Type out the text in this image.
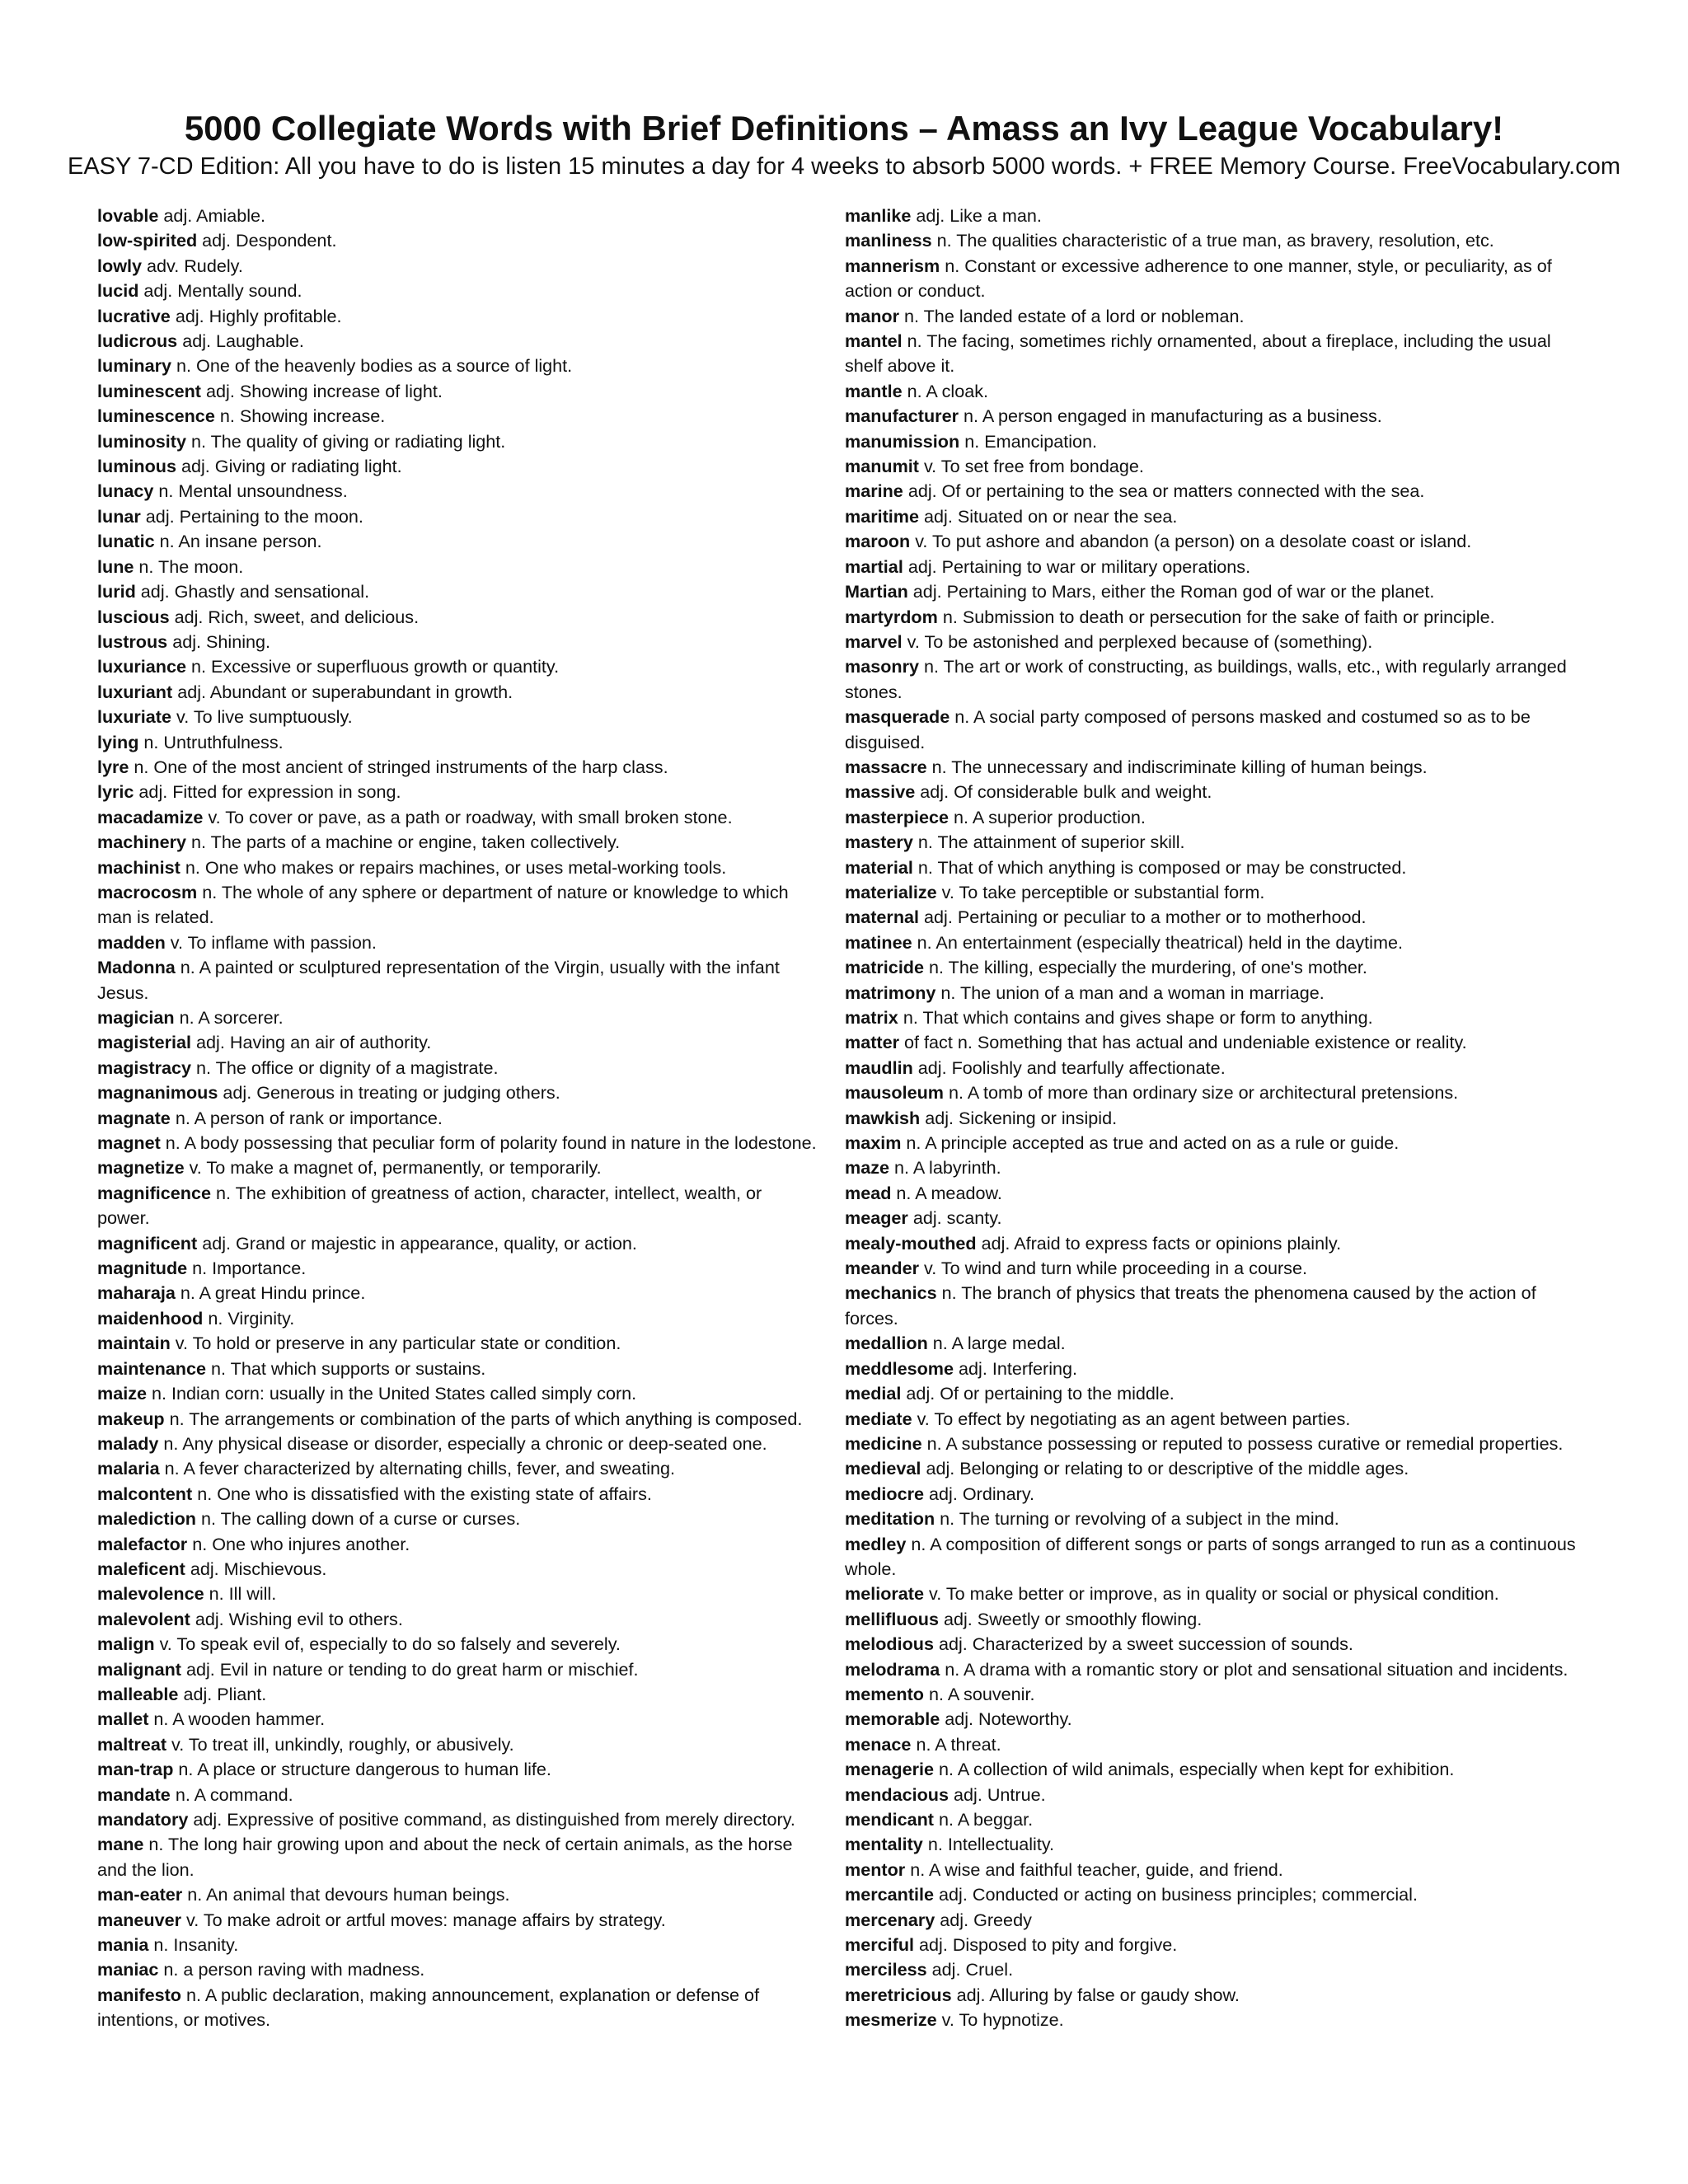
5000 Collegiate Words with Brief Definitions – Amass an Ivy League Vocabulary!
EASY 7-CD Edition: All you have to do is listen 15 minutes a day for 4 weeks to absorb 5000 words. + FREE Memory Course. FreeVocabulary.com
lovable adj. Amiable.
low-spirited adj. Despondent.
lowly adv. Rudely.
lucid adj. Mentally sound.
lucrative adj. Highly profitable.
ludicrous adj. Laughable.
luminary n. One of the heavenly bodies as a source of light.
luminescent adj. Showing increase of light.
luminescence n. Showing increase.
luminosity n. The quality of giving or radiating light.
luminous adj. Giving or radiating light.
lunacy n. Mental unsoundness.
lunar adj. Pertaining to the moon.
lunatic n. An insane person.
lune n. The moon.
lurid adj. Ghastly and sensational.
luscious adj. Rich, sweet, and delicious.
lustrous adj. Shining.
luxuriance n. Excessive or superfluous growth or quantity.
luxuriant adj. Abundant or superabundant in growth.
luxuriate v. To live sumptuously.
lying n. Untruthfulness.
lyre n. One of the most ancient of stringed instruments of the harp class.
lyric adj. Fitted for expression in song.
macadamize v. To cover or pave, as a path or roadway, with small broken stone.
machinery n. The parts of a machine or engine, taken collectively.
machinist n. One who makes or repairs machines, or uses metal-working tools.
macrocosm n. The whole of any sphere or department of nature or knowledge to which man is related.
madden v. To inflame with passion.
Madonna n. A painted or sculptured representation of the Virgin, usually with the infant Jesus.
magician n. A sorcerer.
magisterial adj. Having an air of authority.
magistracy n. The office or dignity of a magistrate.
magnanimous adj. Generous in treating or judging others.
magnate n. A person of rank or importance.
magnet n. A body possessing that peculiar form of polarity found in nature in the lodestone.
magnetize v. To make a magnet of, permanently, or temporarily.
magnificence n. The exhibition of greatness of action, character, intellect, wealth, or power.
magnificent adj. Grand or majestic in appearance, quality, or action.
magnitude n. Importance.
maharaja n. A great Hindu prince.
maidenhood n. Virginity.
maintain v. To hold or preserve in any particular state or condition.
maintenance n. That which supports or sustains.
maize n. Indian corn: usually in the United States called simply corn.
makeup n. The arrangements or combination of the parts of which anything is composed.
malady n. Any physical disease or disorder, especially a chronic or deep-seated one.
malaria n. A fever characterized by alternating chills, fever, and sweating.
malcontent n. One who is dissatisfied with the existing state of affairs.
malediction n. The calling down of a curse or curses.
malefactor n. One who injures another.
maleficent adj. Mischievous.
malevolence n. Ill will.
malevolent adj. Wishing evil to others.
malign v. To speak evil of, especially to do so falsely and severely.
malignant adj. Evil in nature or tending to do great harm or mischief.
malleable adj. Pliant.
mallet n. A wooden hammer.
maltreat v. To treat ill, unkindly, roughly, or abusively.
man-trap n. A place or structure dangerous to human life.
mandate n. A command.
mandatory adj. Expressive of positive command, as distinguished from merely directory.
mane n. The long hair growing upon and about the neck of certain animals, as the horse and the lion.
man-eater n. An animal that devours human beings.
maneuver v. To make adroit or artful moves: manage affairs by strategy.
mania n. Insanity.
maniac n. a person raving with madness.
manifesto n. A public declaration, making announcement, explanation or defense of intentions, or motives.
manlike adj. Like a man.
manliness n. The qualities characteristic of a true man, as bravery, resolution, etc.
mannerism n. Constant or excessive adherence to one manner, style, or peculiarity, as of action or conduct.
manor n. The landed estate of a lord or nobleman.
mantel n. The facing, sometimes richly ornamented, about a fireplace, including the usual shelf above it.
mantle n. A cloak.
manufacturer n. A person engaged in manufacturing as a business.
manumission n. Emancipation.
manumit v. To set free from bondage.
marine adj. Of or pertaining to the sea or matters connected with the sea.
maritime adj. Situated on or near the sea.
maroon v. To put ashore and abandon (a person) on a desolate coast or island.
martial adj. Pertaining to war or military operations.
Martian adj. Pertaining to Mars, either the Roman god of war or the planet.
martyrdom n. Submission to death or persecution for the sake of faith or principle.
marvel v. To be astonished and perplexed because of (something).
masonry n. The art or work of constructing, as buildings, walls, etc., with regularly arranged stones.
masquerade n. A social party composed of persons masked and costumed so as to be disguised.
massacre n. The unnecessary and indiscriminate killing of human beings.
massive adj. Of considerable bulk and weight.
masterpiece n. A superior production.
mastery n. The attainment of superior skill.
material n. That of which anything is composed or may be constructed.
materialize v. To take perceptible or substantial form.
maternal adj. Pertaining or peculiar to a mother or to motherhood.
matinee n. An entertainment (especially theatrical) held in the daytime.
matricide n. The killing, especially the murdering, of one's mother.
matrimony n. The union of a man and a woman in marriage.
matrix n. That which contains and gives shape or form to anything.
matter of fact n. Something that has actual and undeniable existence or reality.
maudlin adj. Foolishly and tearfully affectionate.
mausoleum n. A tomb of more than ordinary size or architectural pretensions.
mawkish adj. Sickening or insipid.
maxim n. A principle accepted as true and acted on as a rule or guide.
maze n. A labyrinth.
mead n. A meadow.
meager adj. scanty.
mealy-mouthed adj. Afraid to express facts or opinions plainly.
meander v. To wind and turn while proceeding in a course.
mechanics n. The branch of physics that treats the phenomena caused by the action of forces.
medallion n. A large medal.
meddlesome adj. Interfering.
medial adj. Of or pertaining to the middle.
mediate v. To effect by negotiating as an agent between parties.
medicine n. A substance possessing or reputed to possess curative or remedial properties.
medieval adj. Belonging or relating to or descriptive of the middle ages.
mediocre adj. Ordinary.
meditation n. The turning or revolving of a subject in the mind.
medley n. A composition of different songs or parts of songs arranged to run as a continuous whole.
meliorate v. To make better or improve, as in quality or social or physical condition.
mellifluous adj. Sweetly or smoothly flowing.
melodious adj. Characterized by a sweet succession of sounds.
melodrama n. A drama with a romantic story or plot and sensational situation and incidents.
memento n. A souvenir.
memorable adj. Noteworthy.
menace n. A threat.
menagerie n. A collection of wild animals, especially when kept for exhibition.
mendacious adj. Untrue.
mendicant n. A beggar.
mentality n. Intellectuality.
mentor n. A wise and faithful teacher, guide, and friend.
mercantile adj. Conducted or acting on business principles; commercial.
mercenary adj. Greedy
merciful adj. Disposed to pity and forgive.
merciless adj. Cruel.
meretricious adj. Alluring by false or gaudy show.
mesmerize v. To hypnotize.
